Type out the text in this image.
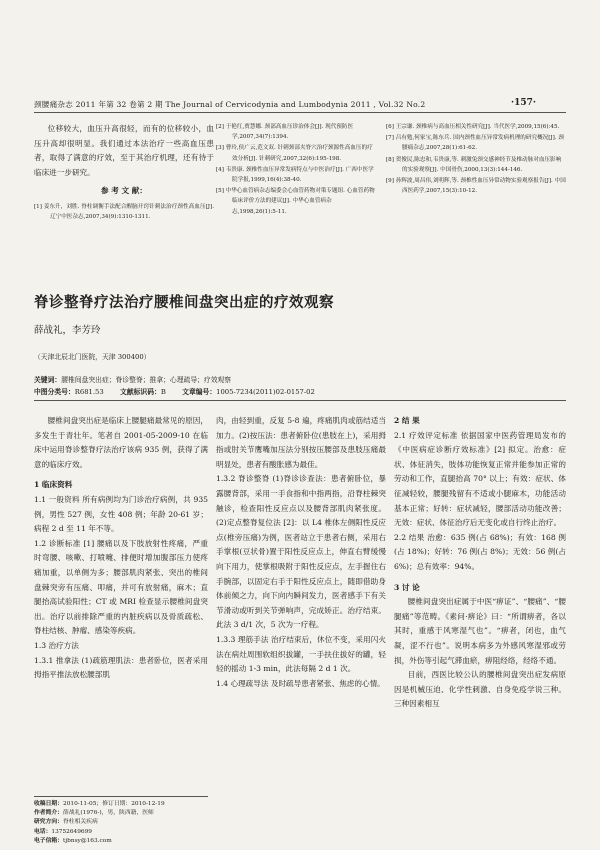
颈腰痛杂志 2011 年第 32 卷第 2 期 The Journal of Cervicodynia and Lumbodynia 2011 , Vol.32 No.2	·157·

位移较大，血压升高很轻，而有的位移较小，血压升高却很明显。我们通过本法治疗一些高血压患者，取得了满意的疗效，至于其治疗机理，还有待于临床进一步研究。

参 考 文 献：
[1] 姜东升，刘胜. 脊柱调衡手法配合醒脑开窍针刺法治疗颈性高血压[J]. 辽宁中医杂志,2007,34(9):1310-1311.
[2] 于艳红,贾慧娜. 颈部高血压诊治体会[J]. 现代预防医学,2007,34(7):1394.
[3] 曹玲,侯广云,范文双. 针刺颈部夹脊穴治疗颈源性高血压的疗效分析[J]. 针刺研究,2007,32(6):195-198.
[4] 韦贵康. 颈椎性血压异常发病特点与中医治疗[J]. 广西中医学院学报,1999,16(4):38-40.
[5] 中华心血管病杂志编委会心血管药物对策专题组. 心血管药物临床评价方法的建议[J]. 中华心血管病杂志,1998,26(1):5-11.
[6] 王宗谦. 颈椎病与高血压相关性研究[J]. 当代医学,2009,15(6):45.
[7] 吕有勉,何家宝,陈东兵. 国内颈性血压异常发病机理的研究概况[J]. 颈腰痛杂志,2007,28(1):61-62.
[8] 贺俊民,陈忠和,韦贵康,等. 刺激兔颈交感神经节及椎动脉对血压影响的实验观察[J]. 中国骨伤,2000,13(3):144-146.
[9] 孙辉波,周昌伟,刘明辉,等. 颈椎性血压异常动物实验观察报告[J]. 中国西医药学,2007,15(3):10-12.
脊诊整脊疗法治疗腰椎间盘突出症的疗效观察
薛战礼，李芳玲
（天津北辰北门医院，天津 300400）
关键词：腰椎间盘突出症；脊诊整脊；推拿；心理疏导；疗效观察
中图分类号：R681.53 文献标识码：B 文章编号：1005-7234(2011)02-0157-02

腰椎间盘突出症是临床上腰腿痛最常见的原因，多发生于青壮年。笔者自 2001-05-2009-10 在临床中运用脊诊整脊疗法治疗该病 935 例，获得了满意的临床疗效。

1 临床资料

1.1 一般资料 所有病例均为门诊治疗病例，共 935 例，男性 527 例，女性 408 例；年龄 20-61 岁；病程 2 d 至 11 年不等。

1.2 诊断标准 [1] 腰痛以及下肢放射性疼痛，严重时弯腰、咳嗽、打喷嚏、排便时增加腹部压力使疼痛加重，以单侧为多；腰部肌肉紧张、突出的椎间盘棘突旁有压痛、叩痛，并可有放射痛，麻木；直腿抬高试验阳性；CT 或 MRI 检查显示腰椎间盘突出。治疗以前排除严重的内脏疾病以及骨质疏松、脊柱结核、肿瘤、感染等疾病。

1.3 治疗方法

1.3.1 推拿法 (1)疏筋理肌法：患者卧位，医者采用拇指平推法放松腰部肌

收稿日期：2010-11-05；修订日期：2010-12-19
作者简介：薛战礼(1976-)，男，陕西籍，医师
研究方向：脊柱相关疾病
电话：13752649699
电子信箱：tjbnsy@163.com

肉，由轻到重，反复 5-8 遍，疼痛肌肉或筋结适当加力。(2)按压法：患者俯卧位(患肢在上)，采用拇指或肘关节鹰嘴加压法分别按压腰部及患肢压痛最明显处，患者有酸胀感为最佳。

1.3.2 脊诊整脊 (1)脊诊诊查法：患者俯卧位，暴露腰背部，采用一手食指和中指两指，沿脊柱棘突触诊，检查阳性反应点以及腰背部肌肉紧张度。(2)定点整脊复位法 [2]：以 L4 椎体左侧阳性反应点(椎旁压痛)为例，医者站立于患者右侧，采用右手掌根(豆状骨)置于阳性反应点上，伸直右臂缓慢向下用力，使掌根吸附于阳性反应点，左手握住右手腕部，以固定右手于阳性反应点上，随即借助身体前倾之力，向下向内瞬间发力，医者感手下有关节滑动或听到关节弹响声，完成矫正。治疗结束。此法 3 d/1 次，5 次为一疗程。

1.3.3 理筋手法 治疗结束后，休位不变，采用闪火法在病灶周围软组织拔罐，一手扶住拔好的罐，轻轻的摇动 1-3 min，此法每隔 2 d 1 次。

1.4 心理疏导法 及时疏导患者紧张、焦虑的心情。

2 结 果

2.1 疗效评定标准 依据国家中医药管理局发布的《中医病症诊断疗效标准》[2] 拟定。治愈：症状、体征消失，肢体功能恢复正常并能参加正常的劳动和工作，直腿抬高 70° 以上；有效：症状、体征减轻较，腰腿残留有不适或小腿麻木，功能活动基本正常；好转：症状减轻，腰部活动功能改善；无效：症状、体征治疗后无变化或自行终止治疗。

2.2 结果 治愈：635 例(占 68%)；有效：168 例(占 18%)；好转：76 例(占 8%)；无效：56 例(占 6%)；总有效率：94%。

3 讨 论

腰椎间盘突出症属于中医“痹证”、“腰痛”、“腰腿痛”等范畴。《素问·痹论》曰：“所谓痹者，各以其时，重感于风寒湿气也”。“痹者，闭也，血气凝，涩不行也”。说明本病多为外感风寒湿邪或劳损，外伤等引起气滞血瘀，痹阻经络，经络不通。

目前，西医比较公认的腰椎间盘突出症发病原因是机械压迫、化学性刺激、自身免疫学说三种。三种因素相互
